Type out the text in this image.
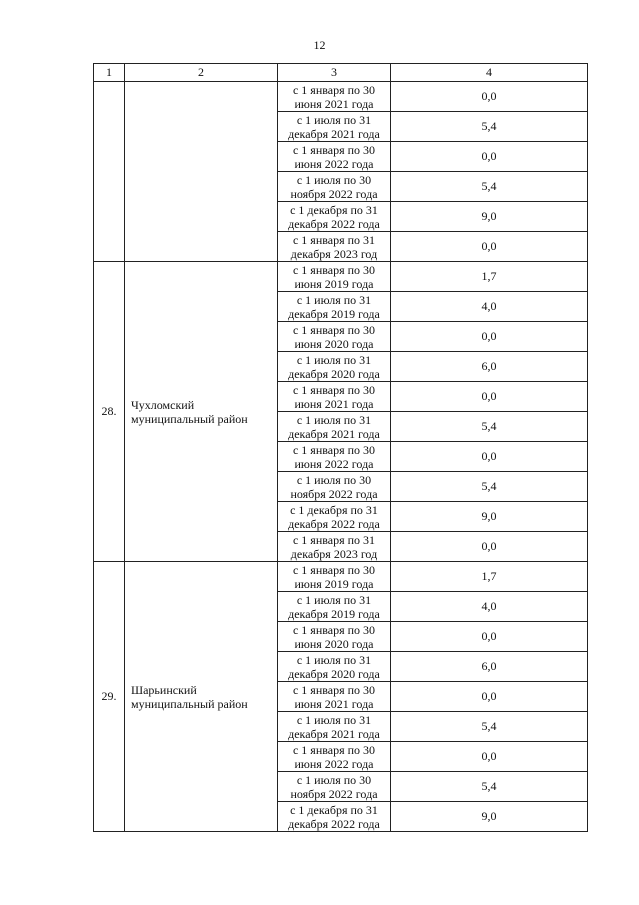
12
1	2	3	4

		с 1 января по 30
июня 2021 года	0,0

		с 1 июля по 31
декабря 2021 года	5,4

		с 1 января по 30
июня 2022 года	0,0

		с 1 июля по 30
ноября 2022 года	5,4

		с 1 декабря по 31
декабря 2022 года	9,0

		с 1 января по 31
декабря 2023 год	0,0
28.	Чухломский
муниципальный район	с 1 января по 30
июня 2019 года	1,7

		с 1 июля по 31
декабря 2019 года	4,0

		с 1 января по 30
июня 2020 года	0,0

		с 1 июля по 31
декабря 2020 года	6,0

		с 1 января по 30
июня 2021 года	0,0

		с 1 июля по 31
декабря 2021 года	5,4

		с 1 января по 30
июня 2022 года	0,0

		с 1 июля по 30
ноября 2022 года	5,4

		с 1 декабря по 31
декабря 2022 года	9,0

		с 1 января по 31
декабря 2023 год	0,0
29.	Шарьинский
муниципальный район	с 1 января по 30
июня 2019 года	1,7

		с 1 июля по 31
декабря 2019 года	4,0

		с 1 января по 30
июня 2020 года	0,0

		с 1 июля по 31
декабря 2020 года	6,0

		с 1 января по 30
июня 2021 года	0,0

		с 1 июля по 31
декабря 2021 года	5,4

		с 1 января по 30
июня 2022 года	0,0

		с 1 июля по 30
ноября 2022 года	5,4

		с 1 декабря по 31
декабря 2022 года	9,0
